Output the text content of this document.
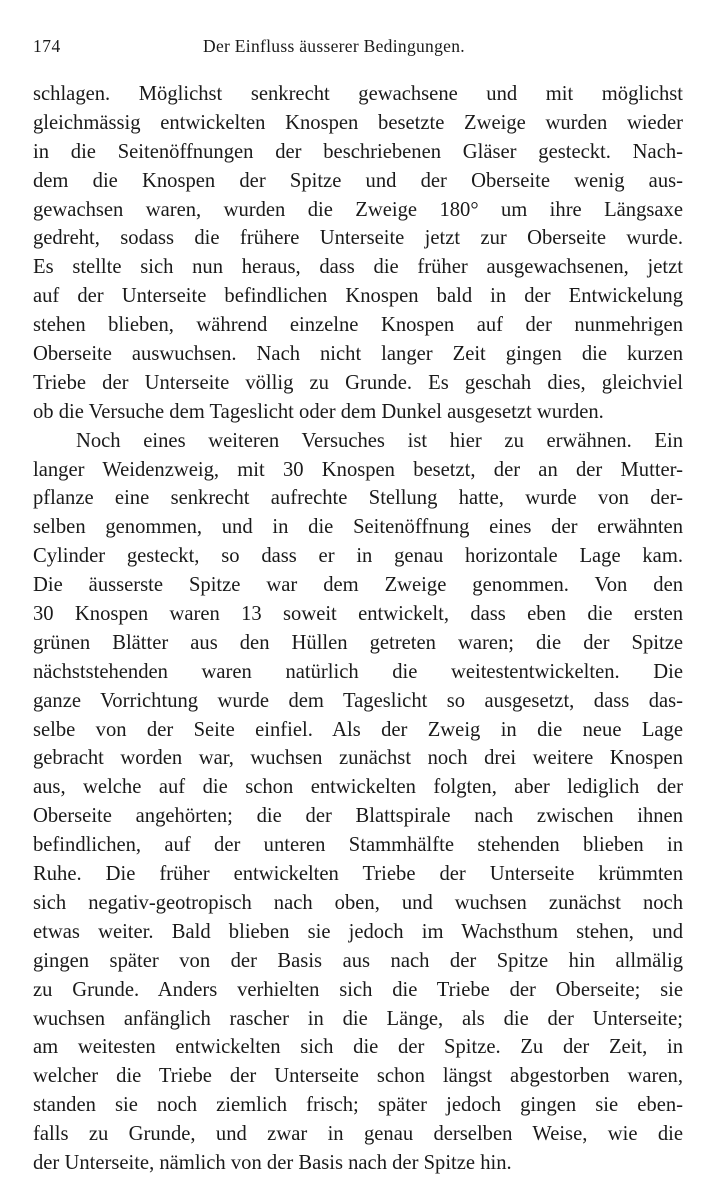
174	Der Einfluss äusserer Bedingungen.
schlagen. Möglichst senkrecht gewachsene und mit möglichst
gleichmässig entwickelten Knospen besetzte Zweige wurden wieder
in die Seitenöffnungen der beschriebenen Gläser gesteckt. Nach-
dem die Knospen der Spitze und der Oberseite wenig aus-
gewachsen waren, wurden die Zweige 180° um ihre Längsaxe
gedreht, sodass die frühere Unterseite jetzt zur Oberseite wurde.
Es stellte sich nun heraus, dass die früher ausgewachsenen, jetzt
auf der Unterseite befindlichen Knospen bald in der Entwickelung
stehen blieben, während einzelne Knospen auf der nunmehrigen
Oberseite auswuchsen. Nach nicht langer Zeit gingen die kurzen
Triebe der Unterseite völlig zu Grunde. Es geschah dies, gleichviel
ob die Versuche dem Tageslicht oder dem Dunkel ausgesetzt wurden.
Noch eines weiteren Versuches ist hier zu erwähnen. Ein
langer Weidenzweig, mit 30 Knospen besetzt, der an der Mutter-
pflanze eine senkrecht aufrechte Stellung hatte, wurde von der-
selben genommen, und in die Seitenöffnung eines der erwähnten
Cylinder gesteckt, so dass er in genau horizontale Lage kam.
Die äusserste Spitze war dem Zweige genommen. Von den
30 Knospen waren 13 soweit entwickelt, dass eben die ersten
grünen Blätter aus den Hüllen getreten waren; die der Spitze
nächststehenden waren natürlich die weitestentwickelten. Die
ganze Vorrichtung wurde dem Tageslicht so ausgesetzt, dass das-
selbe von der Seite einfiel. Als der Zweig in die neue Lage
gebracht worden war, wuchsen zunächst noch drei weitere Knospen
aus, welche auf die schon entwickelten folgten, aber lediglich der
Oberseite angehörten; die der Blattspirale nach zwischen ihnen
befindlichen, auf der unteren Stammhälfte stehenden blieben in
Ruhe. Die früher entwickelten Triebe der Unterseite krümmten
sich negativ-geotropisch nach oben, und wuchsen zunächst noch
etwas weiter. Bald blieben sie jedoch im Wachsthum stehen, und
gingen später von der Basis aus nach der Spitze hin allmälig
zu Grunde. Anders verhielten sich die Triebe der Oberseite; sie
wuchsen anfänglich rascher in die Länge, als die der Unterseite;
am weitesten entwickelten sich die der Spitze. Zu der Zeit, in
welcher die Triebe der Unterseite schon längst abgestorben waren,
standen sie noch ziemlich frisch; später jedoch gingen sie eben-
falls zu Grunde, und zwar in genau derselben Weise, wie die
der Unterseite, nämlich von der Basis nach der Spitze hin.
